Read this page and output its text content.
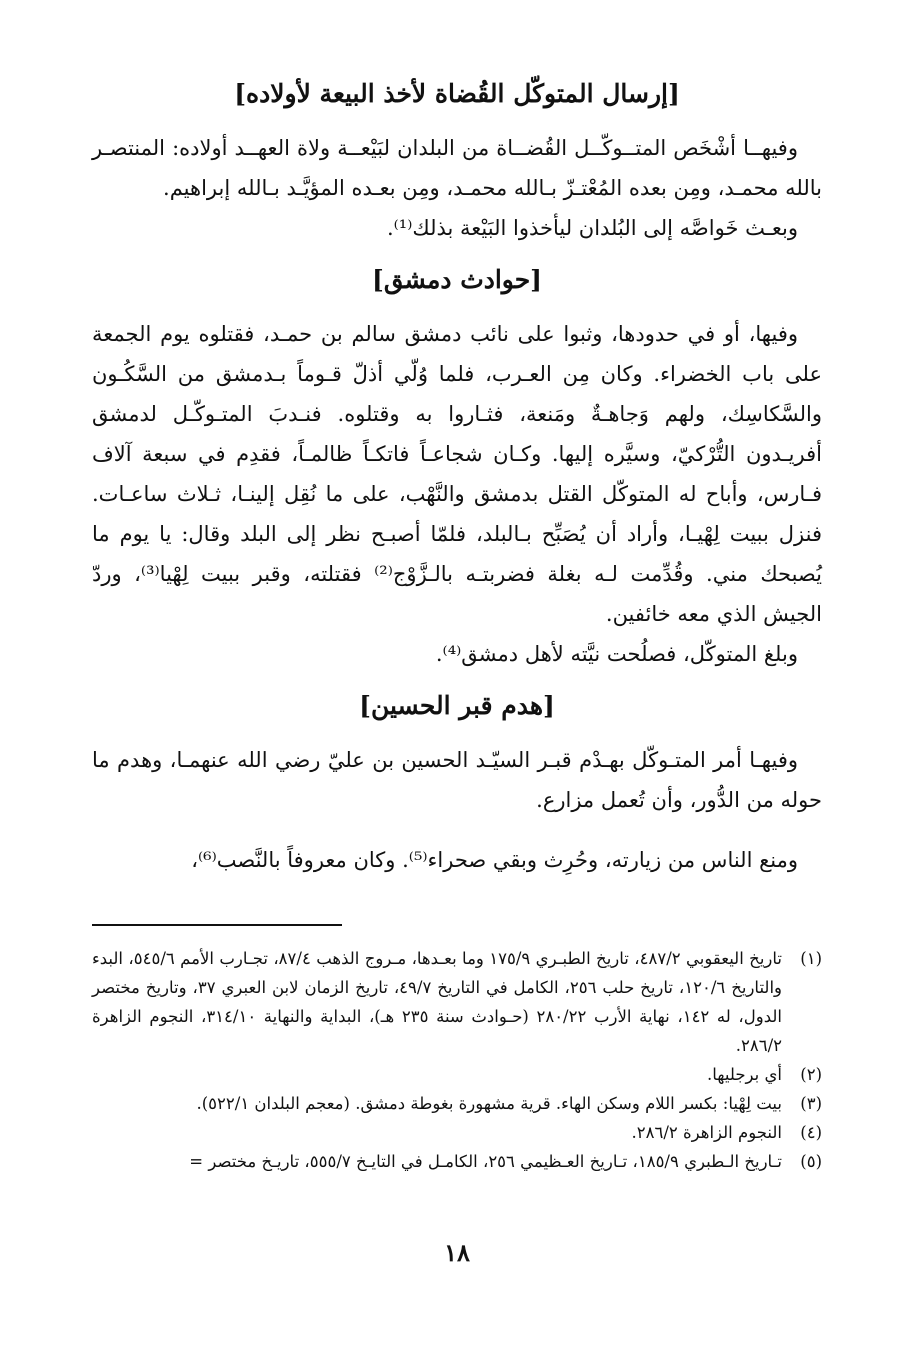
[إرسال المتوكّل القُضاة لأخذ البيعة لأولاده]

وفيهــا أشْخَص المتــوكّــل القُضــاة من البلدان لبَيْعــة ولاة العهــد أولاده: المنتصـر بالله محمـد، ومِن بعده المُعْتـزّ بـالله محمـد، ومِن بعـده المؤيَّـد بـالله إبراهيم.

وبعـث خَواصَّه إلى البُلدان ليأخذوا البَيْعة بذلك⁽¹⁾.

[حوادث دمشق]

وفيها، أو في حدودها، وثبوا على نائب دمشق سالم بن حمـد، فقتلوه يوم الجمعة على باب الخضراء. وكان مِن العـرب، فلما وُلّي أذلّ قـوماً بـدمشق من السَّكُـون والسَّكاسِك، ولهم وَجاهـةٌ ومَنعة، فثـاروا به وقتلوه. فنـدبَ المتـوكّـل لدمشق أفريـدون التُّرْكيّ، وسيَّره إليها. وكـان شجاعـاً فاتكـاً ظالمـاً، فقدِم في سبعة آلاف فـارس، وأباح له المتوكّل القتل بدمشق والنَّهْب، على ما نُقِل إلينـا، ثـلاث ساعـات. فنزل ببيت لِهْيـا، وأراد أن يُصَبِّح بـالبلد، فلمّا أصبـح نظر إلى البلد وقال: يا يوم ما يُصبحك مني. وقُدِّمت لـه بغلة فضربتـه بالـزَّوْج⁽²⁾ فقتلته، وقبر ببيت لِهْيا⁽³⁾، وردّ الجيش الذي معه خائفين.

وبلغ المتوكّل، فصلُحت نيَّته لأهل دمشق⁽⁴⁾.

[هدم قبر الحسين]

وفيهـا أمر المتـوكّل بهـدْم قبـر السيّـد الحسين بن عليّ رضي الله عنهمـا، وهدم ما حوله من الدُّور، وأن تُعمل مزارع.

ومنع الناس من زيارته، وحُرِث وبقي صحراء⁽⁵⁾. وكان معروفاً بالنَّصب⁽⁶⁾،

(١)
تاريخ اليعقوبي ٤٨٧/٢، تاريخ الطبـري ١٧٥/٩ وما بعـدها، مـروج الذهب ٨٧/٤، تجـارب الأمم ٥٤٥/٦، البدء والتاريخ ١٢٠/٦، تاريخ حلب ٢٥٦، الكامل في التاريخ ٤٩/٧، تاريخ الزمان لابن العبري ٣٧، وتاريخ مختصر الدول، له ١٤٢، نهاية الأرب ٢٨٠/٢٢ (حـوادث سنة ٢٣٥ هـ)، البداية والنهاية ٣١٤/١٠، النجوم الزاهرة ٢٨٦/٢.
(٢)
أي برجليها.
(٣)
بيت لِهْيا: بكسر اللام وسكن الهاء. قرية مشهورة بغوطة دمشق. (معجم البلدان ٥٢٢/١).
(٤)
النجوم الزاهرة ٢٨٦/٢.
(٥)
تـاريخ الـطبري ١٨٥/٩، تـاريخ العـظيمي ٢٥٦، الكامـل في التايـخ ٥٥٥/٧، تاريـخ مختصر =
١٨
